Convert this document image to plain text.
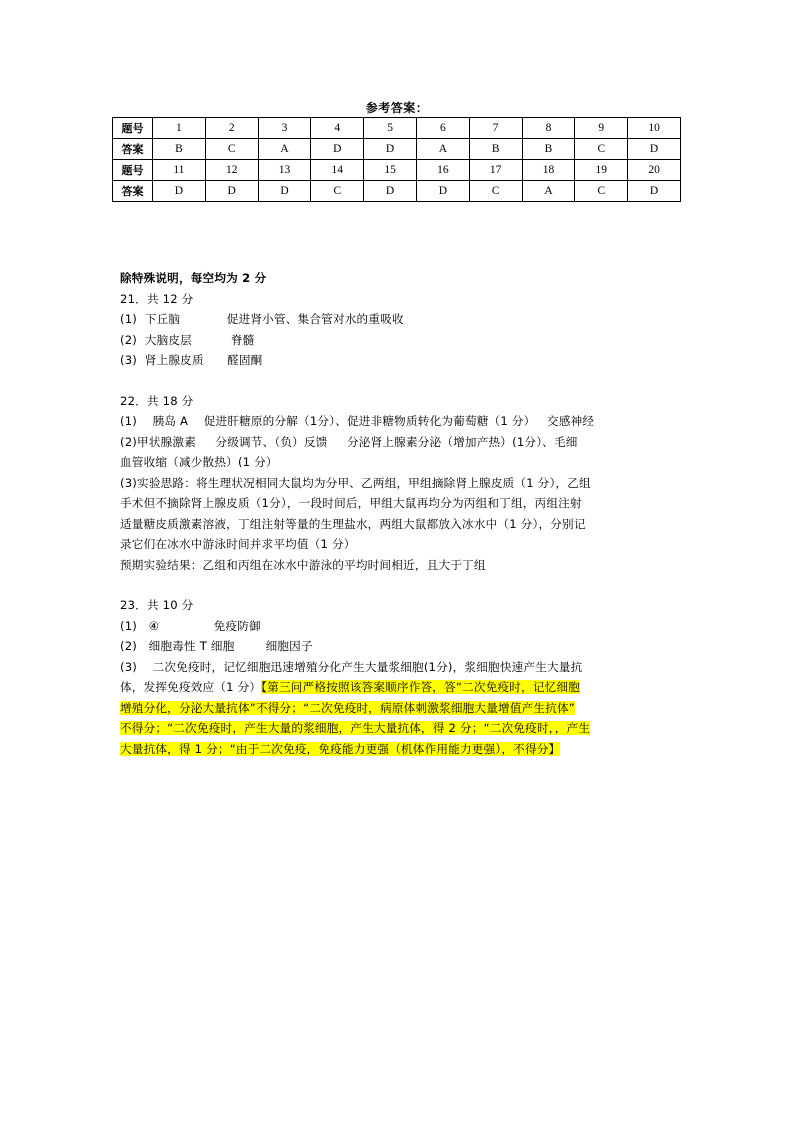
参考答案：
题号	1	2	3	4	5	6	7	8	9	10
答案	B	C	A	D	D	A	B	B	C	D
题号	11	12	13	14	15	16	17	18	19	20
答案	D	D	D	C	D	D	C	A	C	D

除特殊说明，每空均为 2 分

21．共 12 分

(1)  下丘脑            促进肾小管、集合管对水的重吸收

(2)  大脑皮层          脊髓

(3)  肾上腺皮质      醛固酮

22．共 18 分

(1)    胰岛 A    促进肝糖原的分解（1分）、促进非糖物质转化为葡萄糖（1 分）   交感神经

(2)甲状腺激素     分级调节、（负）反馈     分泌肾上腺素分泌（增加产热）(1分）、毛细

血管收缩（减少散热）(1 分）

(3)实验思路：将生理状况相同大鼠均为分甲、乙两组，甲组摘除肾上腺皮质（1 分），乙组

手术但不摘除肾上腺皮质（1分），一段时间后，甲组大鼠再均分为丙组和丁组，丙组注射

适量糖皮质激素溶液，丁组注射等量的生理盐水，两组大鼠都放入冰水中（1 分），分别记

录它们在冰水中游泳时间并求平均值（1 分）

预期实验结果：乙组和丙组在冰水中游泳的平均时间相近，且大于丁组

23．共 10 分

(1)   ④              免疫防御

(2)   细胞毒性 T 细胞        细胞因子

(3)    二次免疫时，记忆细胞迅速增殖分化产生大量浆细胞(1分)，浆细胞快速产生大量抗

体，发挥免疫效应（1 分）【第三问严格按照该答案顺序作答，答“二次免疫时，记忆细胞

增殖分化，分泌大量抗体”不得分；“二次免疫时，病原体刺激浆细胞大量增值产生抗体”

不得分；“二次免疫时，产生大量的浆细胞，产生大量抗体，得 2 分；“二次免疫时，，产生

大量抗体，得 1 分；“由于二次免疫，免疫能力更强（机体作用能力更强），不得分】
